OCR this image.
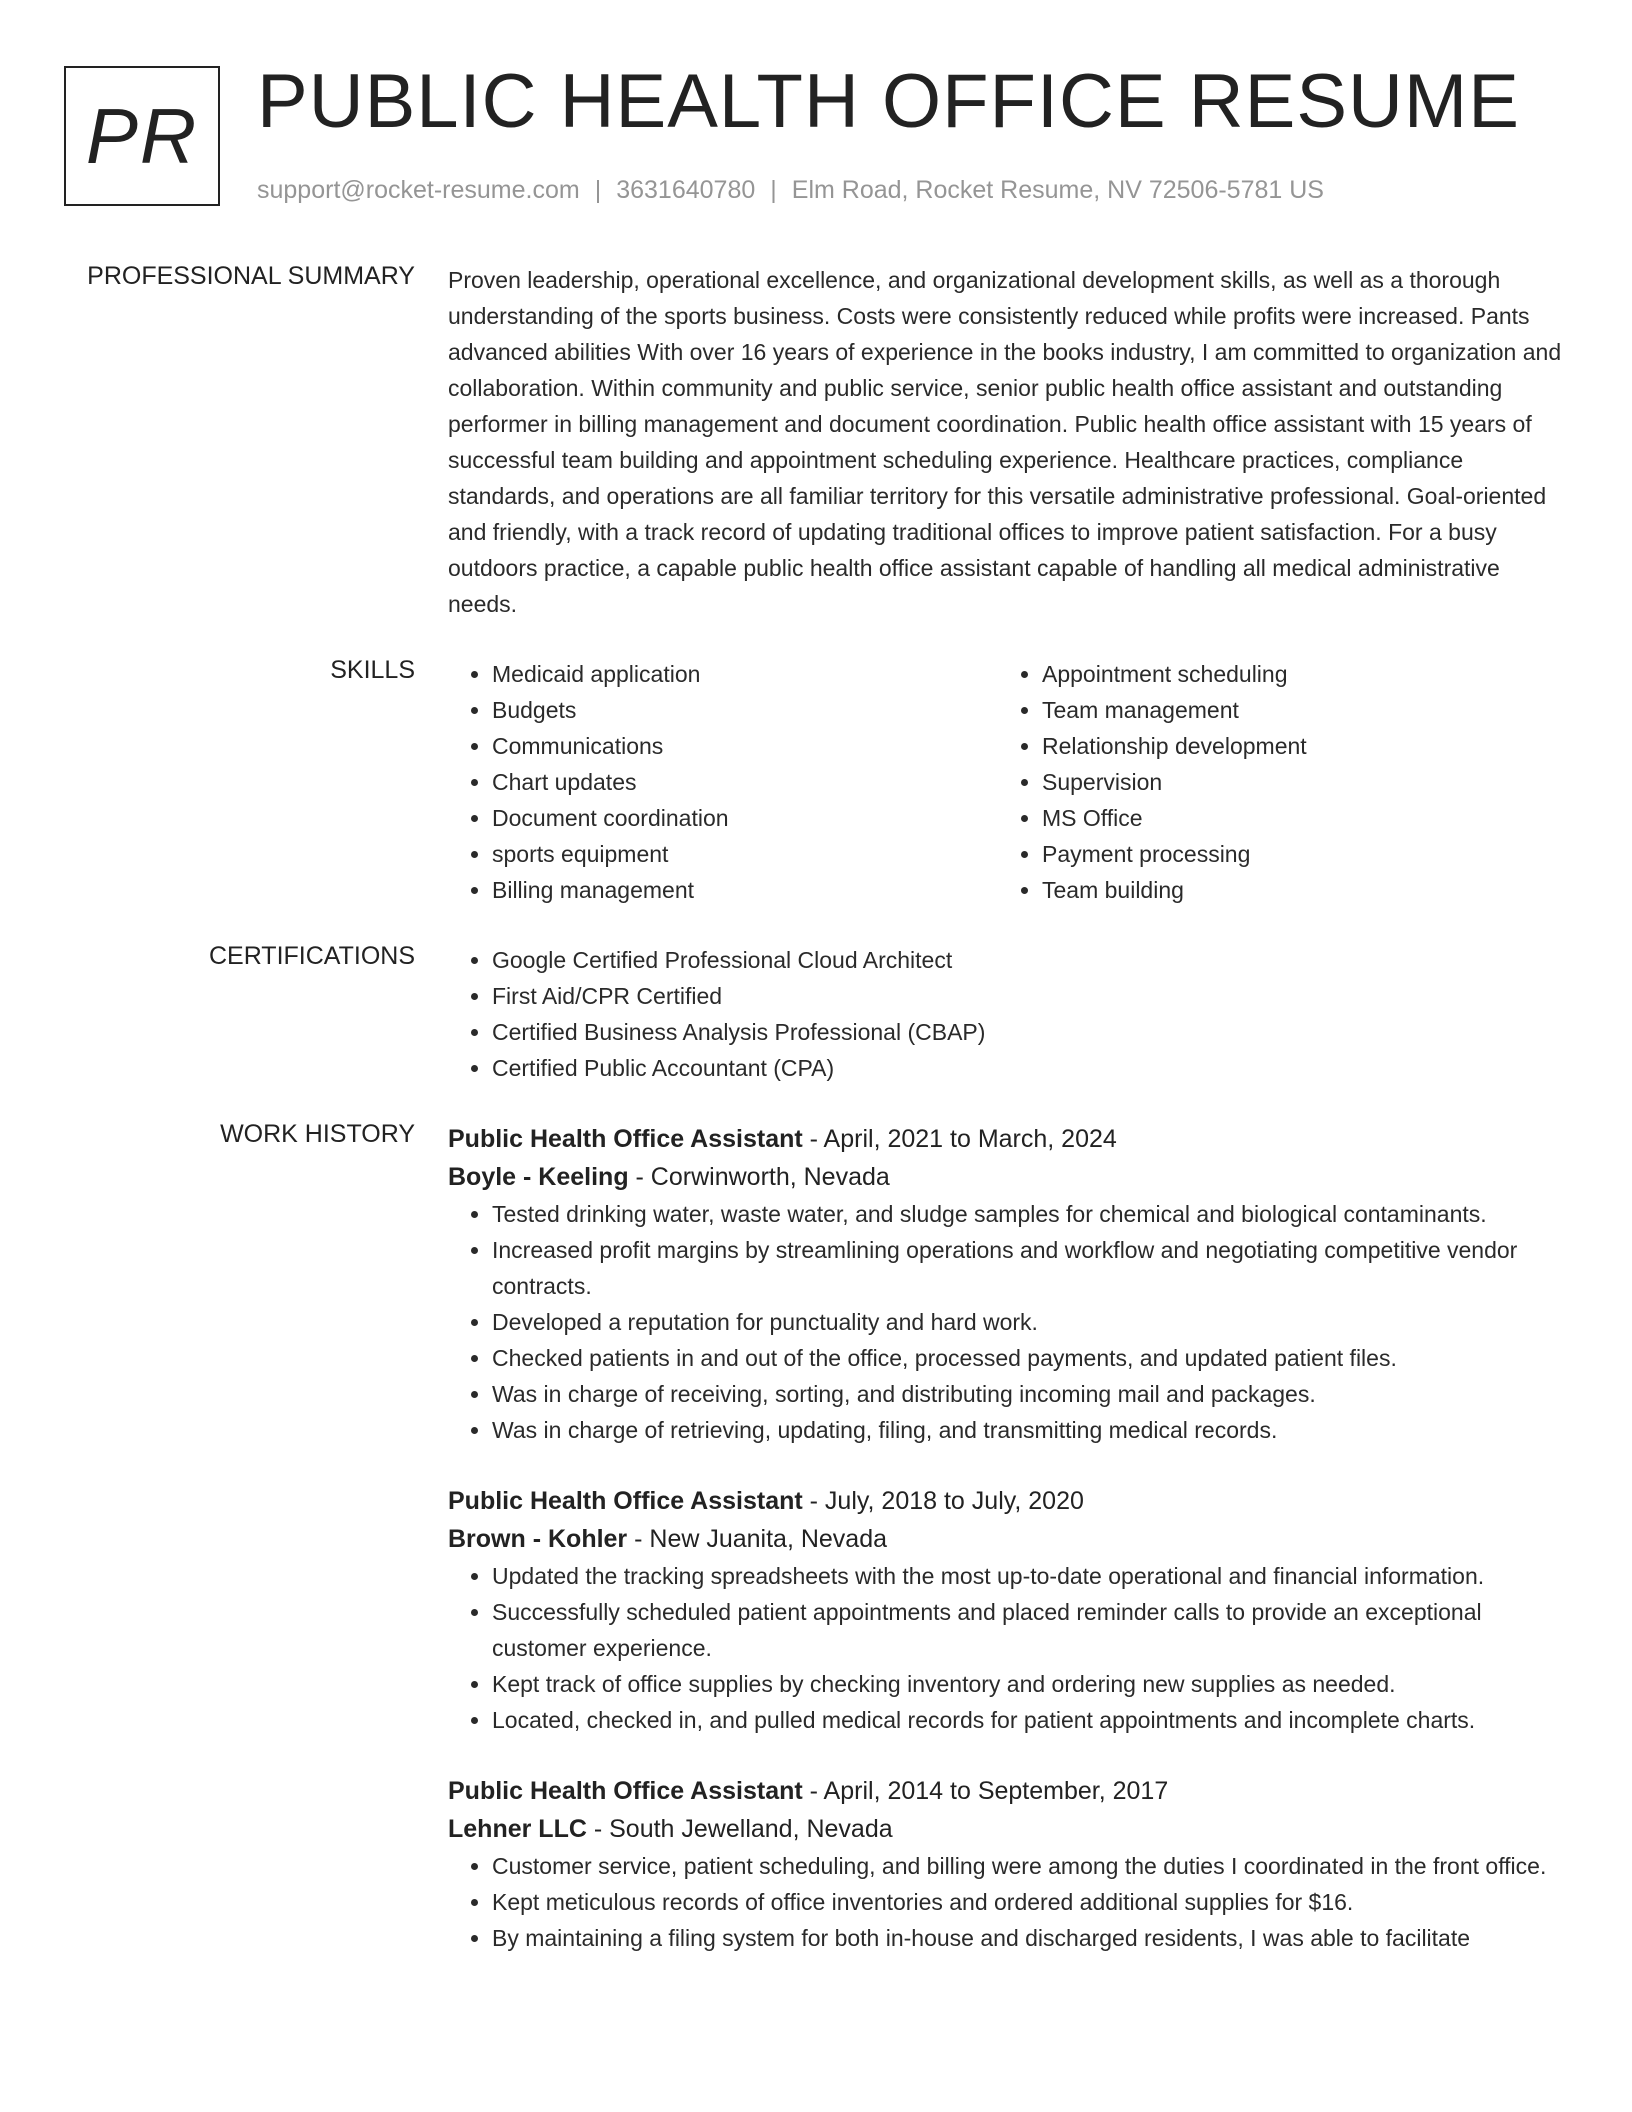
PR PUBLIC HEALTH OFFICE RESUME
support@rocket-resume.com | 3631640780 | Elm Road, Rocket Resume, NV 72506-5781 US
PROFESSIONAL SUMMARY Proven leadership, operational excellence, and organizational development skills, as well as a thorough understanding of the sports business. Costs were consistently reduced while profits were increased. Pants advanced abilities With over 16 years of experience in the books industry, I am committed to organization and collaboration. Within community and public service, senior public health office assistant and outstanding performer in billing management and document coordination. Public health office assistant with 15 years of successful team building and appointment scheduling experience. Healthcare practices, compliance standards, and operations are all familiar territory for this versatile administrative professional. Goal-oriented and friendly, with a track record of updating traditional offices to improve patient satisfaction. For a busy outdoors practice, a capable public health office assistant capable of handling all medical administrative needs.

SKILLS	• Medicaid application
• Budgets
• Communications
• Chart updates
• Document coordination
• sports equipment
• Billing management
• Appointment scheduling
• Team management
• Relationship development
• Supervision
• MS Office
• Payment processing
• Team building
CERTIFICATIONS	• Google Certified Professional Cloud Architect
• First Aid/CPR Certified
• Certified Business Analysis Professional (CBAP)
• Certified Public Accountant (CPA)
WORK HISTORY Public Health Office Assistant - April, 2021 to March, 2024
Boyle - Keeling - Corwinworth, Nevada
• Tested drinking water, waste water, and sludge samples for chemical and biological contaminants.
• Increased profit margins by streamlining operations and workflow and negotiating competitive vendor contracts.
• Developed a reputation for punctuality and hard work.
• Checked patients in and out of the office, processed payments, and updated patient files.
• Was in charge of receiving, sorting, and distributing incoming mail and packages.
• Was in charge of retrieving, updating, filing, and transmitting medical records.
Public Health Office Assistant - July, 2018 to July, 2020
Brown - Kohler - New Juanita, Nevada
• Updated the tracking spreadsheets with the most up-to-date operational and financial information.
• Successfully scheduled patient appointments and placed reminder calls to provide an exceptional customer experience.
• Kept track of office supplies by checking inventory and ordering new supplies as needed.
• Located, checked in, and pulled medical records for patient appointments and incomplete charts.
Public Health Office Assistant - April, 2014 to September, 2017
Lehner LLC - South Jewelland, Nevada
• Customer service, patient scheduling, and billing were among the duties I coordinated in the front office.
• Kept meticulous records of office inventories and ordered additional supplies for $16.
• By maintaining a filing system for both in-house and discharged residents, I was able to facilitate
